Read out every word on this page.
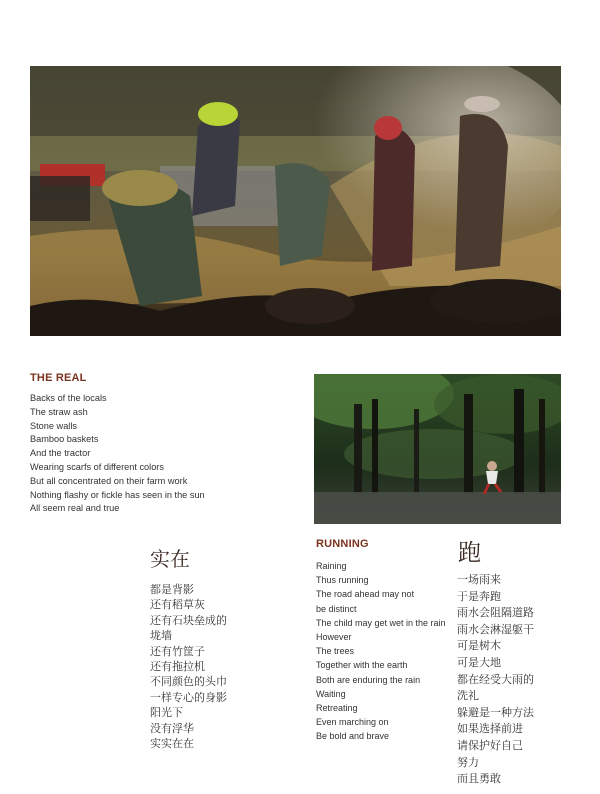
THE REAL
Backs of the locals
The straw ash
Stone walls
Bamboo baskets
And the tractor
Wearing scarfs of different colors
But all concentrated on their farm work
Nothing flashy or fickle has seen in the sun
All seem real and true
实在
都是背影
还有稻草灰
还有石块垒成的
垅墙
还有竹筐子
还有拖拉机
不同颜色的头巾
一样专心的身影
阳光下
没有浮华
实实在在
RUNNING
Raining
Thus running
The road ahead may not
be distinct
The child may get wet in the rain
However
The trees
Together with the earth
Both are enduring the rain
Waiting
Retreating
Even marching on
Be bold and brave
跑
一场雨来
于是奔跑
雨水会阻隔道路
雨水会淋湿躯干
可是树木
可是大地
都在经受大雨的
洗礼
躲避是一种方法
如果选择前进
请保护好自己
努力
而且勇敢
